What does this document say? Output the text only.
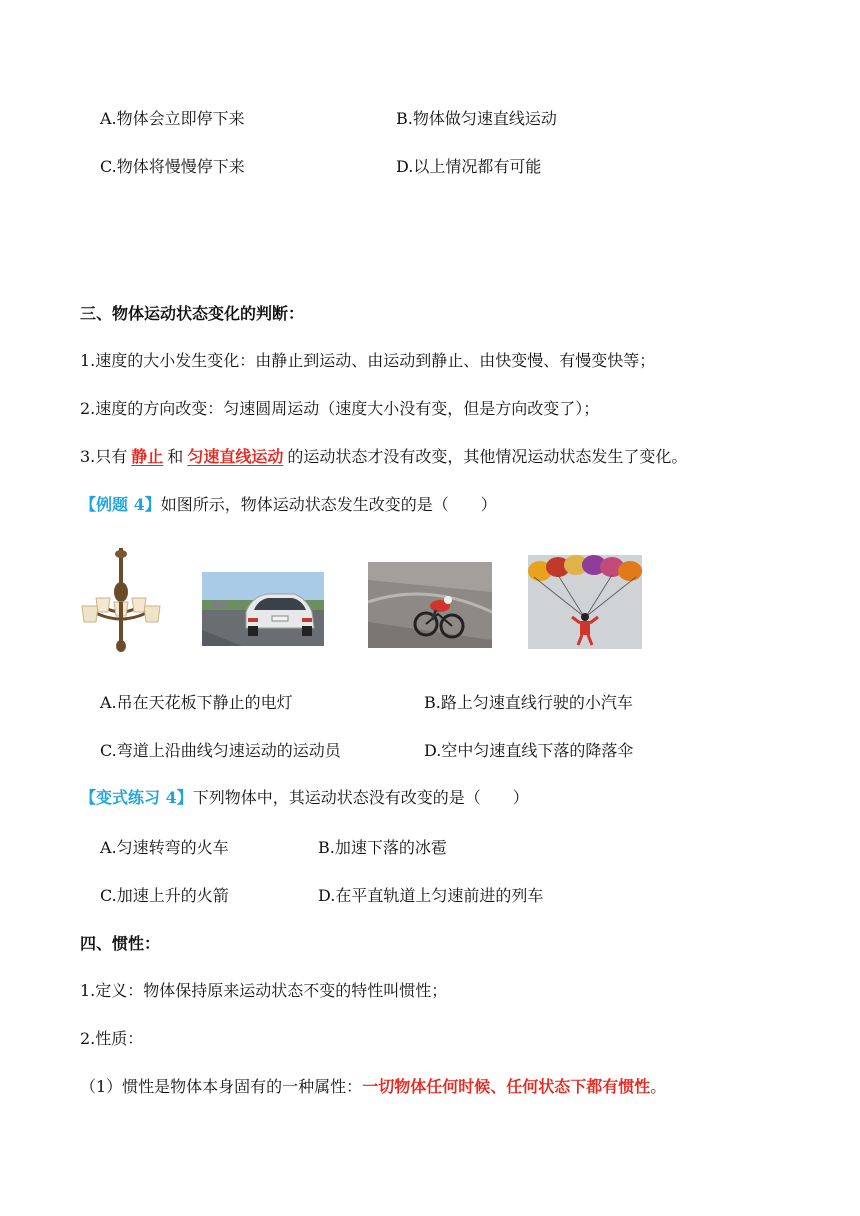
A.物体会立即停下来	B.物体做匀速直线运动
C.物体将慢慢停下来	D.以上情况都有可能
三、物体运动状态变化的判断：
1.速度的大小发生变化：由静止到运动、由运动到静止、由快变慢、有慢变快等；
2.速度的方向改变：匀速圆周运动（速度大小没有变，但是方向改变了）；
3.只有 静止 和 匀速直线运动 的运动状态才没有改变，其他情况运动状态发生了变化。
【例题 4】如图所示，物体运动状态发生改变的是（　　）
A.吊在天花板下静止的电灯	B.路上匀速直线行驶的小汽车
C.弯道上沿曲线匀速运动的运动员	D.空中匀速直线下落的降落伞
【变式练习 4】下列物体中，其运动状态没有改变的是（　　）
A.匀速转弯的火车	B.加速下落的冰雹
C.加速上升的火箭	D.在平直轨道上匀速前进的列车
四、惯性：
1.定义：物体保持原来运动状态不变的特性叫惯性；
2.性质：
（1）惯性是物体本身固有的一种属性：一切物体任何时候、任何状态下都有惯性。
